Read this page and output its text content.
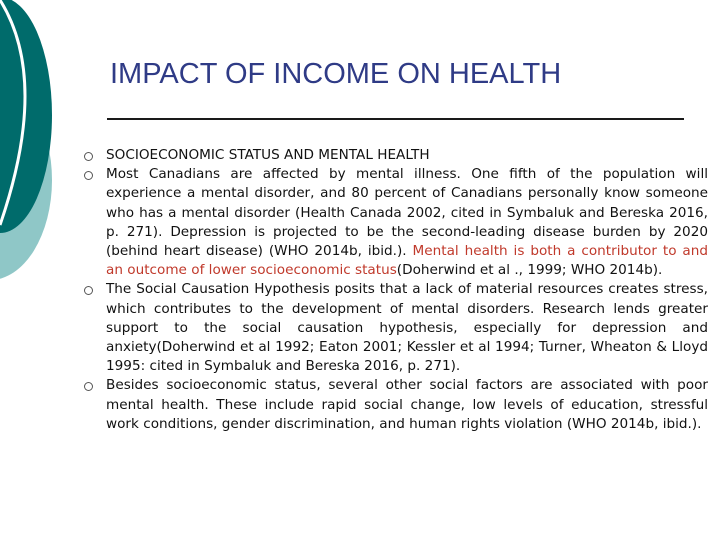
IMPACT OF INCOME ON HEALTH
SOCIOECONOMIC STATUS AND MENTAL HEALTH
Most Canadians are affected by mental illness. One fifth of the population will experience a mental disorder, and 80 percent of Canadians personally know someone who has a mental disorder (Health Canada 2002, cited in Symbaluk and Bereska 2016, p. 271). Depression is projected to be the second-leading disease burden by 2020 (behind heart disease) (WHO 2014b, ibid.). Mental health is both a contributor to and an outcome of lower socioeconomic status(Doherwind et al ., 1999; WHO 2014b).
The Social Causation Hypothesis posits that a lack of material resources creates stress, which contributes to the development of mental disorders. Research lends greater support to the social causation hypothesis, especially for depression and anxiety(Doherwind et al 1992; Eaton 2001; Kessler et al 1994; Turner, Wheaton & Lloyd 1995: cited in Symbaluk and Bereska 2016, p. 271).
Besides socioeconomic status, several other social factors are associated with poor mental health. These include rapid social change, low levels of education, stressful work conditions, gender discrimination, and human rights violation (WHO 2014b, ibid.).
